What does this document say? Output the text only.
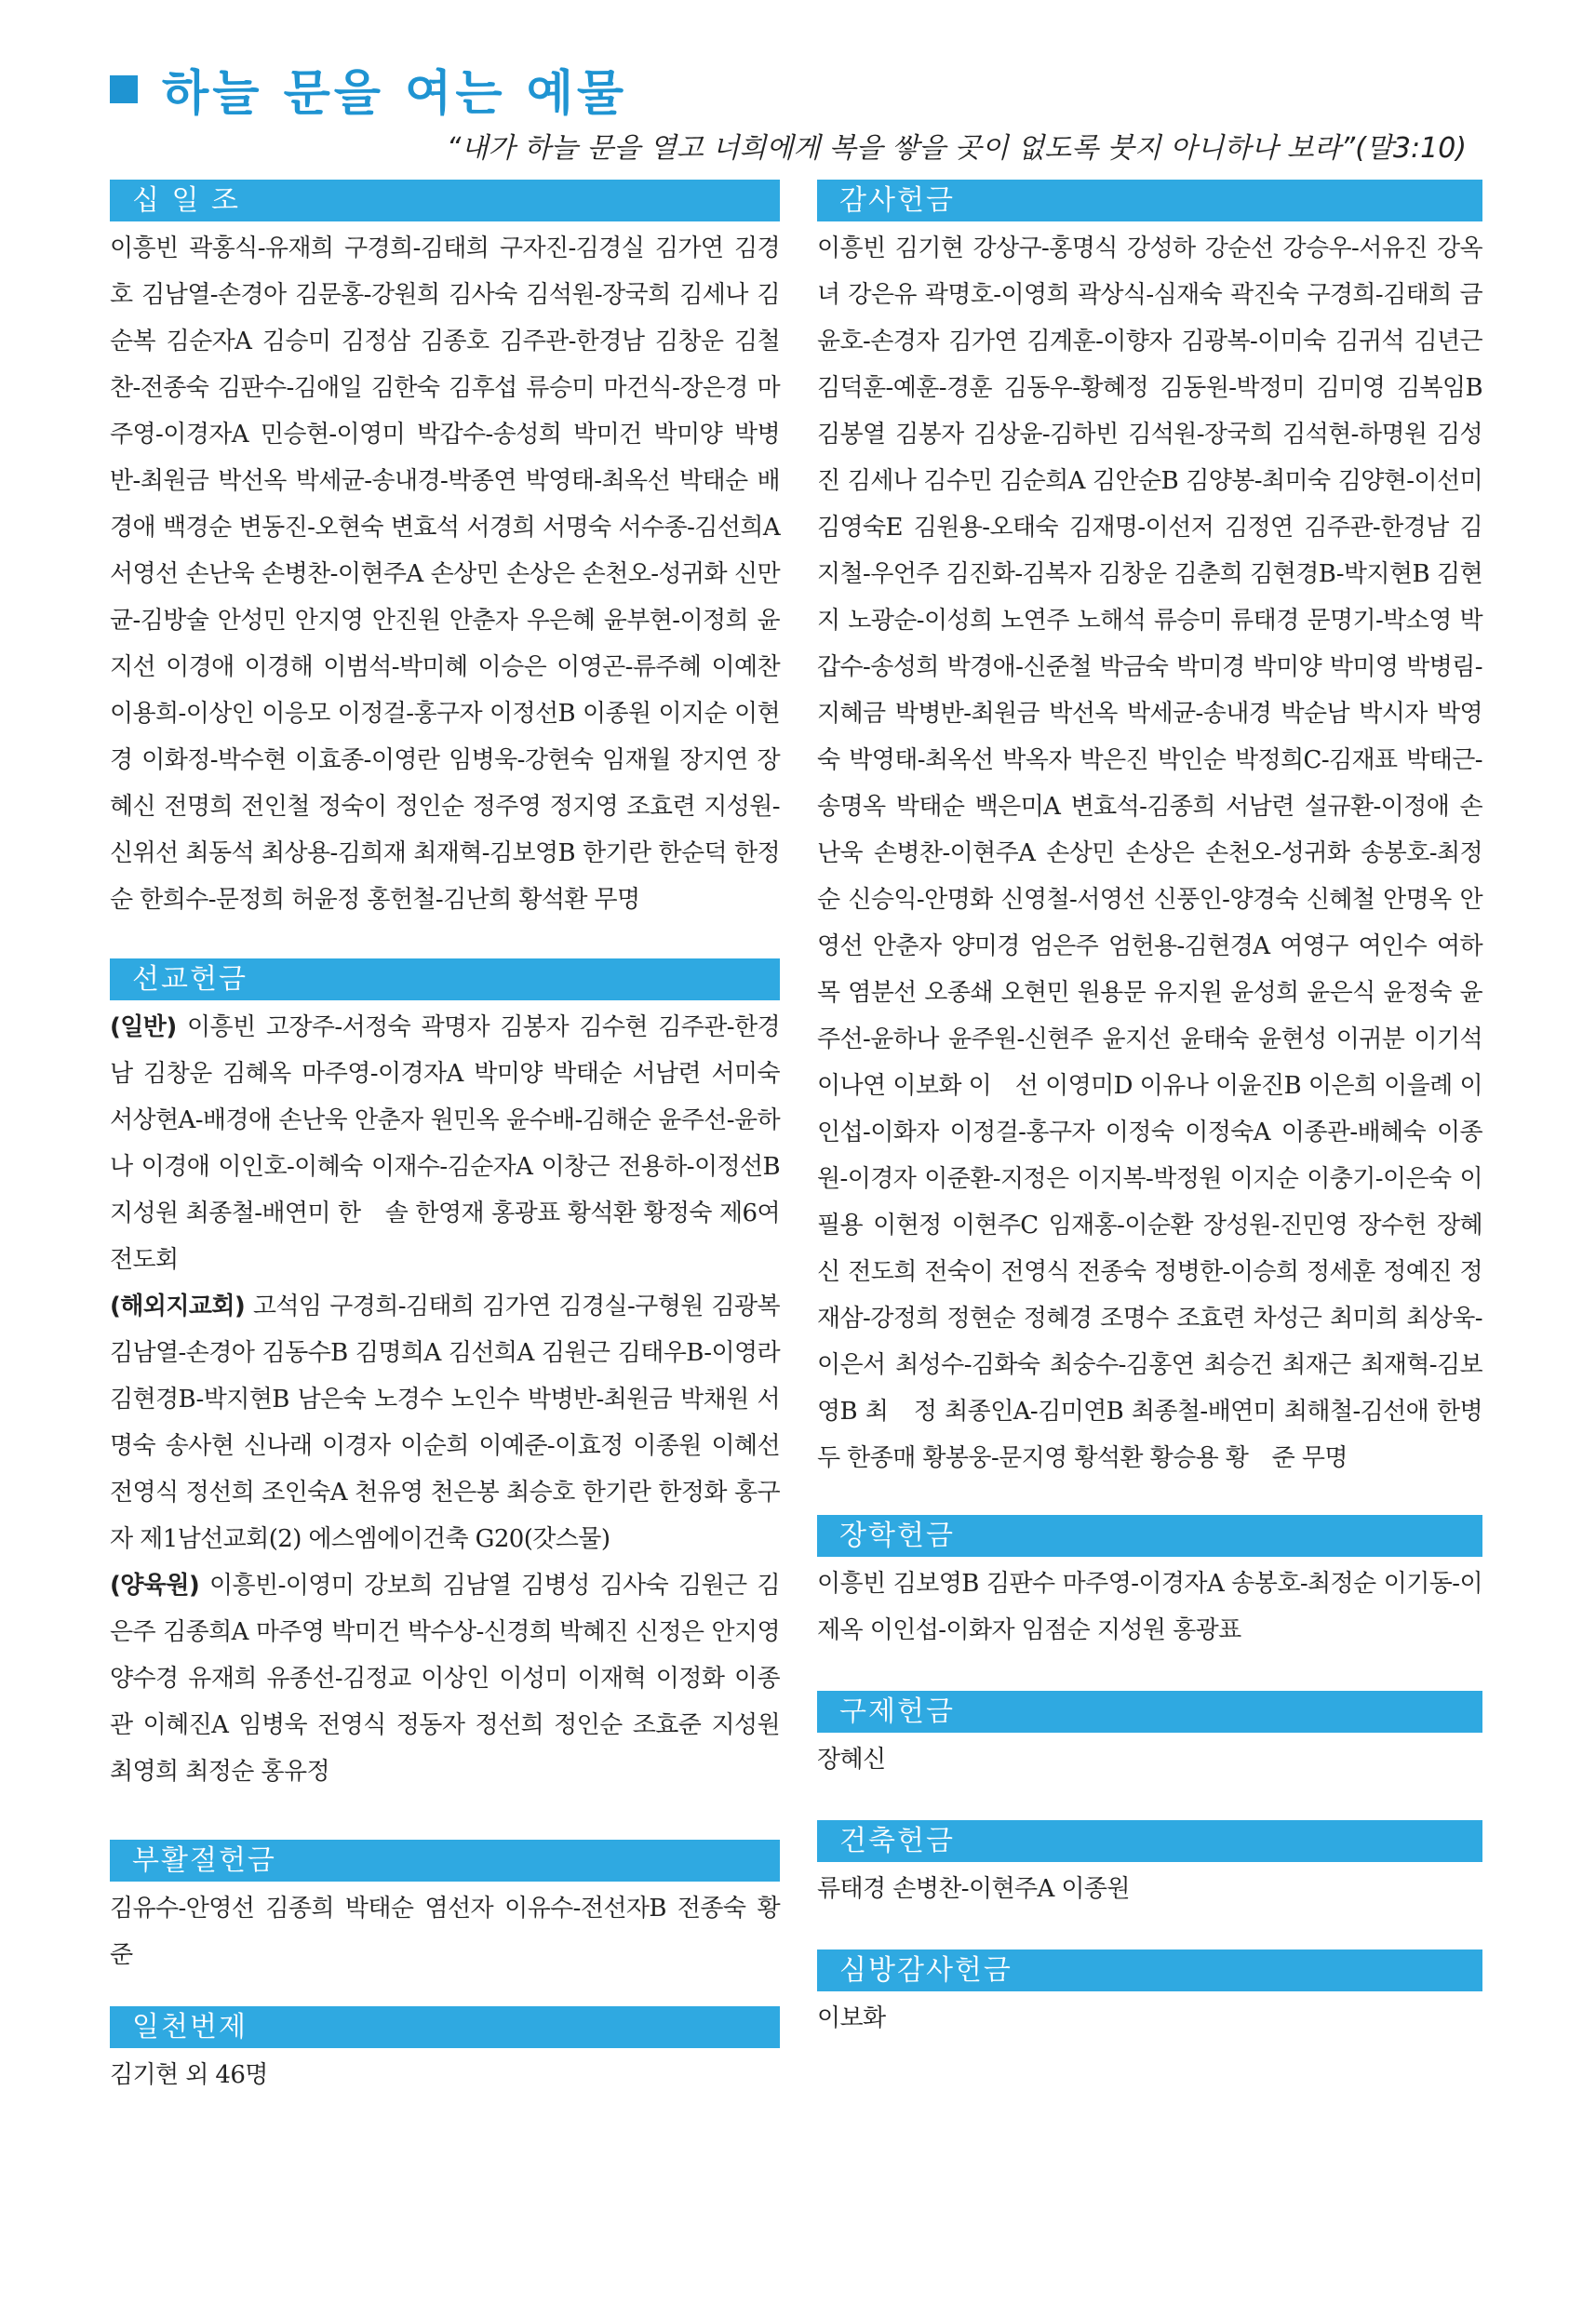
하늘 문을 여는 예물
“내가 하늘 문을 열고 너희에게 복을 쌓을 곳이 없도록 붓지 아니하나 보라”(말3:10)
십 일 조
이흥빈 곽홍식-유재희 구경희-김태희 구자진-김경실 김가연 김경호 김남열-손경아 김문홍-강원희 김사숙 김석원-장국희 김세나 김순복 김순자A 김승미 김정삼 김종호 김주관-한경남 김창운 김철찬-전종숙 김판수-김애일 김한숙 김후섭 류승미 마건식-장은경 마주영-이경자A 민승현-이영미 박갑수-송성희 박미건 박미양 박병반-최원금 박선옥 박세균-송내경-박종연 박영태-최옥선 박태순 배경애 백경순 변동진-오현숙 변효석 서경희 서명숙 서수종-김선희A 서영선 손난욱 손병찬-이현주A 손상민 손상은 손천오-성귀화 신만균-김방술 안성민 안지영 안진원 안춘자 우은혜 윤부현-이정희 윤지선 이경애 이경해 이범석-박미혜 이승은 이영곤-류주혜 이예찬 이용희-이상인 이응모 이정걸-홍구자 이정선B 이종원 이지순 이현경 이화정-박수현 이효종-이영란 임병욱-강현숙 임재월 장지연 장혜신 전명희 전인철 정숙이 정인순 정주영 정지영 조효련 지성원-신위선 최동석 최상용-김희재 최재혁-김보영B 한기란 한순덕 한정순 한희수-문정희 허윤정 홍헌철-김난희 황석환 무명
선교헌금

(일반) 이흥빈 고장주-서정숙 곽명자 김봉자 김수현 김주관-한경남 김창운 김혜옥 마주영-이경자A 박미양 박태순 서남련 서미숙 서상현A-배경애 손난욱 안춘자 원민옥 윤수배-김해순 윤주선-윤하나 이경애 이인호-이혜숙 이재수-김순자A 이창근 전용하-이정선B 지성원 최종철-배연미 한　솔 한영재 홍광표 황석환 황정숙 제6여전도회

(해외지교회) 고석임 구경희-김태희 김가연 김경실-구형원 김광복 김남열-손경아 김동수B 김명희A 김선희A 김원근 김태우B-이영라 김현경B-박지현B 남은숙 노경수 노인수 박병반-최원금 박채원 서명숙 송사현 신나래 이경자 이순희 이예준-이효정 이종원 이혜선 전영식 정선희 조인숙A 천유영 천은봉 최승호 한기란 한정화 홍구자 제1남선교회(2) 에스엠에이건축 G20(갓스물)

(양육원) 이흥빈-이영미 강보희 김남열 김병성 김사숙 김원근 김은주 김종희A 마주영 박미건 박수상-신경희 박혜진 신정은 안지영 양수경 유재희 유종선-김정교 이상인 이성미 이재혁 이정화 이종관 이혜진A 임병욱 전영식 정동자 정선희 정인순 조효준 지성원 최영희 최정순 홍유정

부활절헌금
김유수-안영선 김종희 박태순 염선자 이유수-전선자B 전종숙 황　준
일천번제
김기현 외 46명
감사헌금
이흥빈 김기현 강상구-홍명식 강성하 강순선 강승우-서유진 강옥녀 강은유 곽명호-이영희 곽상식-심재숙 곽진숙 구경희-김태희 금윤호-손경자 김가연 김계훈-이향자 김광복-이미숙 김귀석 김년근 김덕훈-예훈-경훈 김동우-황혜정 김동원-박정미 김미영 김복임B 김봉열 김봉자 김상윤-김하빈 김석원-장국희 김석현-하명원 김성진 김세나 김수민 김순희A 김안순B 김양봉-최미숙 김양현-이선미 김영숙E 김원용-오태숙 김재명-이선저 김정연 김주관-한경남 김지철-우언주 김진화-김복자 김창운 김춘희 김현경B-박지현B 김현지 노광순-이성희 노연주 노해석 류승미 류태경 문명기-박소영 박갑수-송성희 박경애-신준철 박금숙 박미경 박미양 박미영 박병림-지혜금 박병반-최원금 박선옥 박세균-송내경 박순남 박시자 박영숙 박영태-최옥선 박옥자 박은진 박인순 박정희C-김재표 박태근-송명옥 박태순 백은미A 변효석-김종희 서남련 설규환-이정애 손난욱 손병찬-이현주A 손상민 손상은 손천오-성귀화 송봉호-최정순 신승익-안명화 신영철-서영선 신풍인-양경숙 신혜철 안명옥 안영선 안춘자 양미경 엄은주 엄헌용-김현경A 여영구 여인수 여하목 염분선 오종쇄 오현민 원용문 유지원 윤성희 윤은식 윤정숙 윤주선-윤하나 윤주원-신현주 윤지선 윤태숙 윤현성 이귀분 이기석 이나연 이보화 이　선 이영미D 이유나 이윤진B 이은희 이을례 이인섭-이화자 이정걸-홍구자 이정숙 이정숙A 이종관-배혜숙 이종원-이경자 이준환-지정은 이지복-박정원 이지순 이충기-이은숙 이필용 이현정 이현주C 임재홍-이순환 장성원-진민영 장수헌 장혜신 전도희 전숙이 전영식 전종숙 정병한-이승희 정세훈 정예진 정재삼-강정희 정현순 정혜경 조명수 조효련 차성근 최미희 최상욱-이은서 최성수-김화숙 최숭수-김홍연 최승건 최재근 최재혁-김보영B 최　정 최종인A-김미연B 최종철-배연미 최해철-김선애 한병두 한종매 황봉웅-문지영 황석환 황승용 황　준 무명
장학헌금
이흥빈 김보영B 김판수 마주영-이경자A 송봉호-최정순 이기동-이제옥 이인섭-이화자 임점순 지성원 홍광표
구제헌금
장혜신
건축헌금
류태경 손병찬-이현주A 이종원
심방감사헌금
이보화
